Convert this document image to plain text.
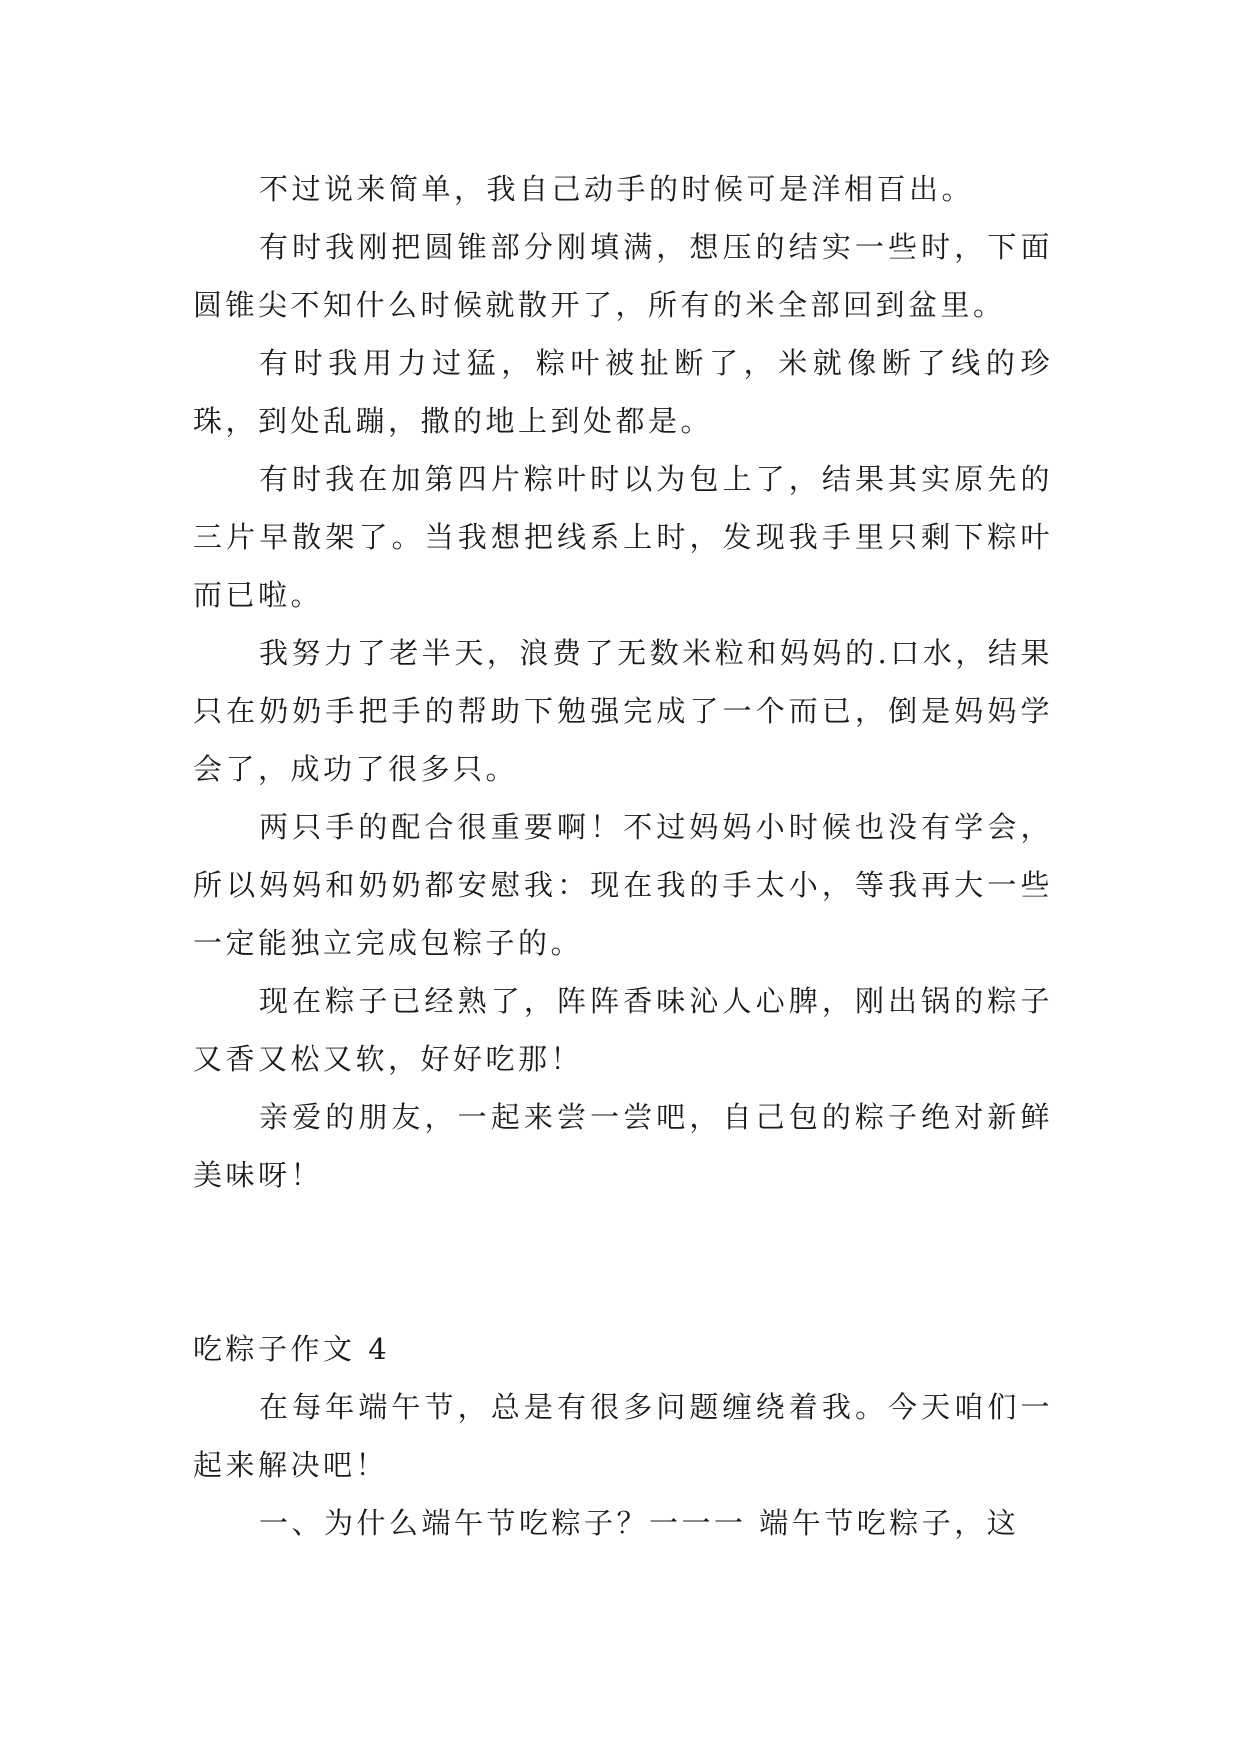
不过说来简单，我自己动手的时候可是洋相百出。

有时我刚把圆锥部分刚填满，想压的结实一些时，下面圆锥尖不知什么时候就散开了，所有的米全部回到盆里。

有时我用力过猛，粽叶被扯断了，米就像断了线的珍珠，到处乱蹦，撒的地上到处都是。

有时我在加第四片粽叶时以为包上了，结果其实原先的三片早散架了。当我想把线系上时，发现我手里只剩下粽叶而已啦。

我努力了老半天，浪费了无数米粒和妈妈的.口水，结果只在奶奶手把手的帮助下勉强完成了一个而已，倒是妈妈学会了，成功了很多只。

两只手的配合很重要啊！不过妈妈小时候也没有学会，所以妈妈和奶奶都安慰我：现在我的手太小，等我再大一些一定能独立完成包粽子的。

现在粽子已经熟了，阵阵香味沁人心脾，刚出锅的粽子又香又松又软，好好吃那！

亲爱的朋友，一起来尝一尝吧，自己包的粽子绝对新鲜美味呀！

吃粽子作文 4

在每年端午节，总是有很多问题缠绕着我。今天咱们一起来解决吧！

一、为什么端午节吃粽子？一一一 端午节吃粽子，这
